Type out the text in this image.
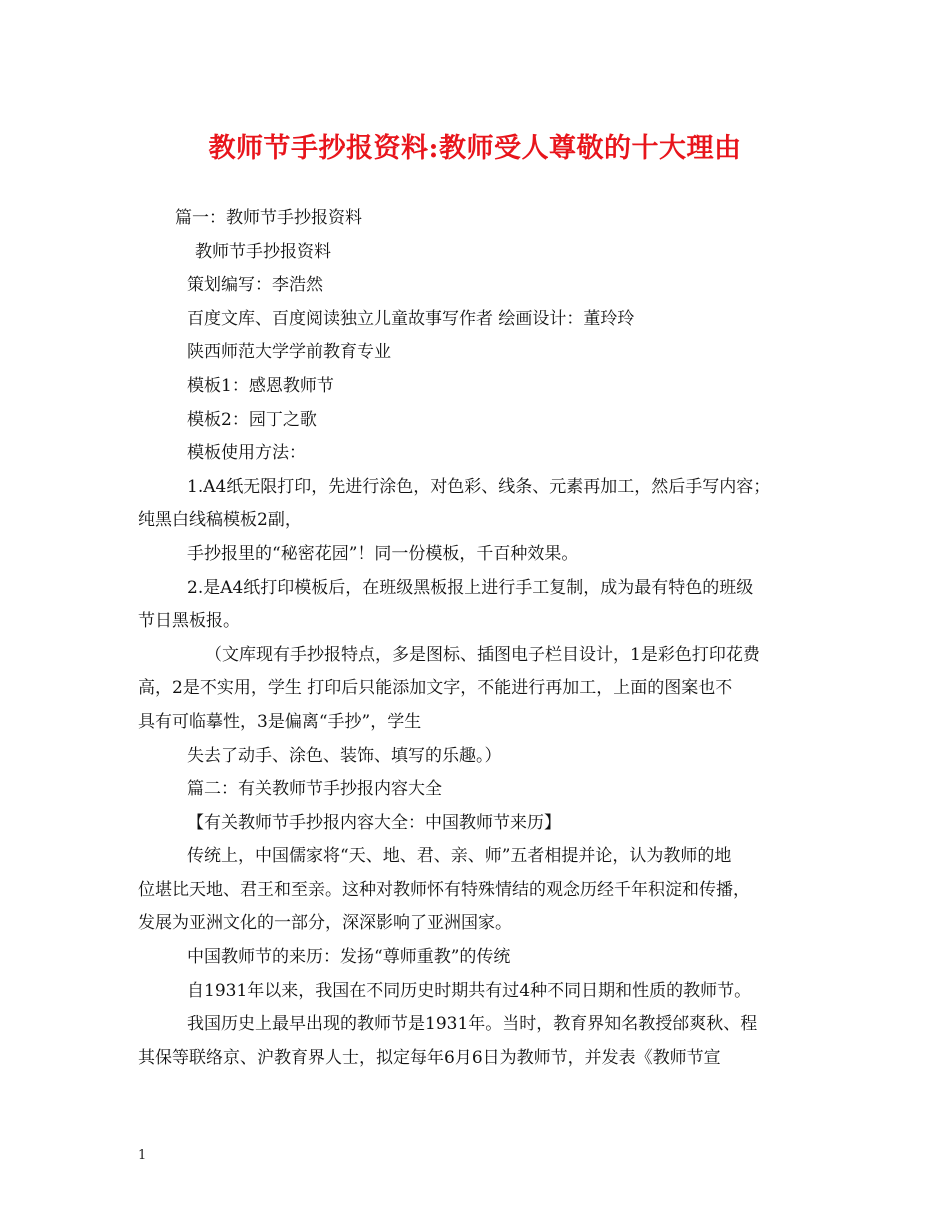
教师节手抄报资料:教师受人尊敬的十大理由
篇一：教师节手抄报资料
教师节手抄报资料
策划编写：李浩然
百度文库、百度阅读独立儿童故事写作者 绘画设计：董玲玲
陕西师范大学学前教育专业
模板1：感恩教师节
模板2：园丁之歌
模板使用方法：
1.A4纸无限打印，先进行涂色，对色彩、线条、元素再加工，然后手写内容；
纯黑白线稿模板2副，
手抄报里的“秘密花园”！同一份模板，千百种效果。
2.是A4纸打印模板后，在班级黑板报上进行手工复制，成为最有特色的班级
节日黑板报。
（文库现有手抄报特点，多是图标、插图电子栏目设计，1是彩色打印花费
高，2是不实用，学生 打印后只能添加文字，不能进行再加工，上面的图案也不
具有可临摹性，3是偏离“手抄”，学生
失去了动手、涂色、装饰、填写的乐趣。）
篇二：有关教师节手抄报内容大全
【有关教师节手抄报内容大全：中国教师节来历】
传统上，中国儒家将“天、地、君、亲、师”五者相提并论，认为教师的地
位堪比天地、君王和至亲。这种对教师怀有特殊情结的观念历经千年积淀和传播，
发展为亚洲文化的一部分，深深影响了亚洲国家。
中国教师节的来历：发扬“尊师重教”的传统
自1931年以来，我国在不同历史时期共有过4种不同日期和性质的教师节。
我国历史上最早出现的教师节是1931年。当时，教育界知名教授邰爽秋、程
其保等联络京、沪教育界人士，拟定每年6月6日为教师节，并发表《教师节宣
1
